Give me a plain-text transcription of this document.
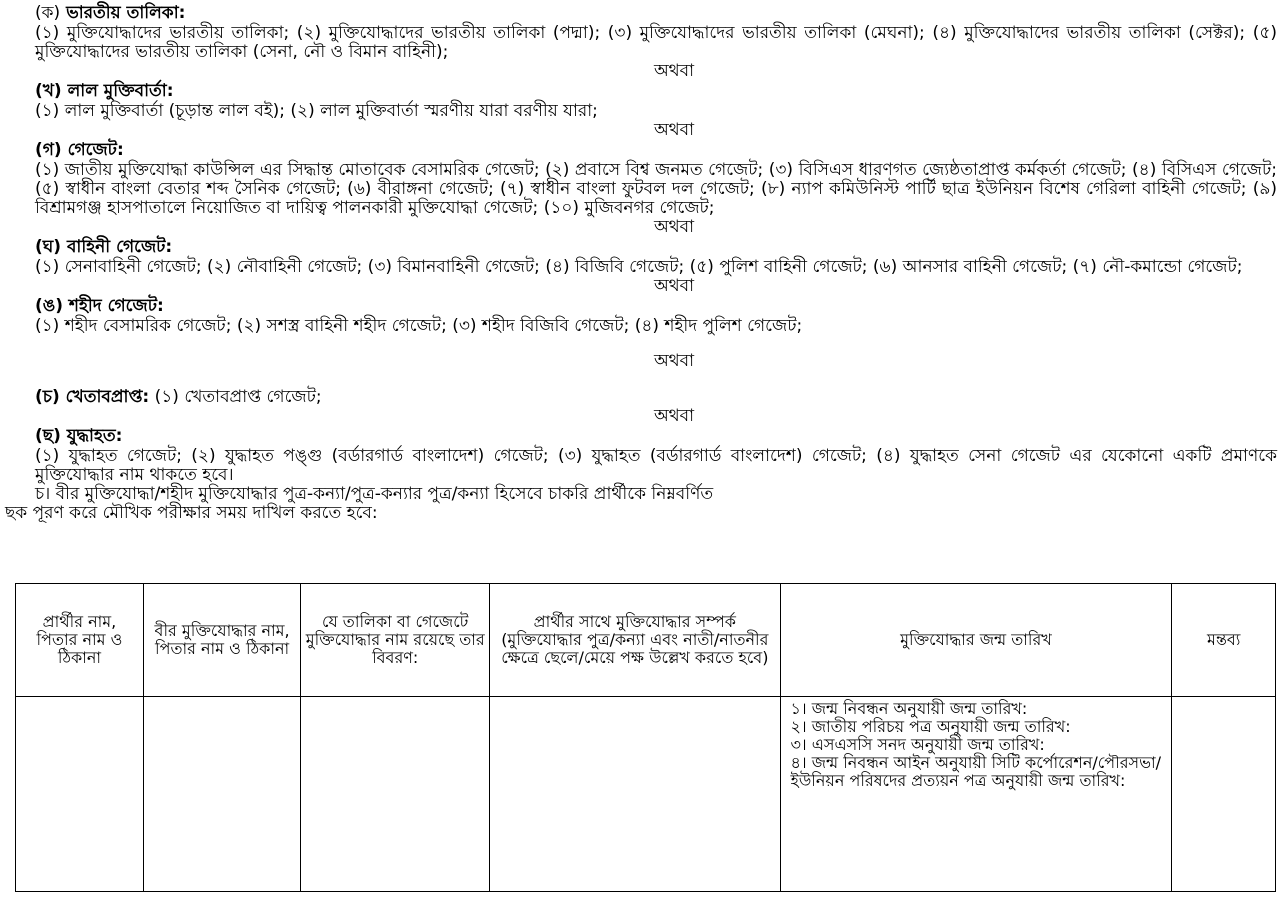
(ক) ভারতীয় তালিকা:

(১) মুক্তিযোদ্ধাদের ভারতীয় তালিকা; (২) মুক্তিযোদ্ধাদের ভারতীয় তালিকা (পদ্মা); (৩) মুক্তিযোদ্ধাদের ভারতীয় তালিকা (মেঘনা); (৪) মুক্তিযোদ্ধাদের ভারতীয় তালিকা (সেক্টর); (৫) মুক্তিযোদ্ধাদের ভারতীয় তালিকা (সেনা, নৌ ও বিমান বাহিনী);

অথবা

(খ) লাল মুক্তিবার্তা:

(১) লাল মুক্তিবার্তা (চূড়ান্ত লাল বই); (২) লাল মুক্তিবার্তা স্মরণীয় যারা বরণীয় যারা;

অথবা

(গ) গেজেট:

(১) জাতীয় মুক্তিযোদ্ধা কাউন্সিল এর সিদ্ধান্ত মোতাবেক বেসামরিক গেজেট; (২) প্রবাসে বিশ্ব জনমত গেজেট; (৩) বিসিএস ধারণগত জ্যেষ্ঠতাপ্রাপ্ত কর্মকর্তা গেজেট; (৪) বিসিএস গেজেট; (৫) স্বাধীন বাংলা বেতার শব্দ সৈনিক গেজেট; (৬) বীরাঙ্গনা গেজেট; (৭) স্বাধীন বাংলা ফুটবল দল গেজেট; (৮) ন্যাপ কমিউনিস্ট পার্টি ছাত্র ইউনিয়ন বিশেষ গেরিলা বাহিনী গেজেট; (৯) বিশ্রামগঞ্জ হাসপাতালে নিয়োজিত বা দায়িত্ব পালনকারী মুক্তিযোদ্ধা গেজেট; (১০) মুজিবনগর গেজেট;

অথবা

(ঘ) বাহিনী গেজেট:

(১) সেনাবাহিনী গেজেট; (২) নৌবাহিনী গেজেট; (৩) বিমানবাহিনী গেজেট; (৪) বিজিবি গেজেট; (৫) পুলিশ বাহিনী গেজেট; (৬) আনসার বাহিনী গেজেট; (৭) নৌ-কমান্ডো গেজেট;

অথবা

(ঙ) শহীদ গেজেট:

(১) শহীদ বেসামরিক গেজেট; (২) সশস্ত্র বাহিনী শহীদ গেজেট; (৩) শহীদ বিজিবি গেজেট; (৪) শহীদ পুলিশ গেজেট;

অথবা

(চ) খেতাবপ্রাপ্ত: (১) খেতাবপ্রাপ্ত গেজেট;

অথবা

(ছ) যুদ্ধাহত:

(১) যুদ্ধাহত গেজেট; (২) যুদ্ধাহত পঙ্গু (বর্ডারগার্ড বাংলাদেশ) গেজেট; (৩) যুদ্ধাহত (বর্ডারগার্ড বাংলাদেশ) গেজেট; (৪) যুদ্ধাহত সেনা গেজেট এর যেকোনো একটি প্রমাণকে মুক্তিযোদ্ধার নাম থাকতে হবে।

চ। বীর মুক্তিযোদ্ধা/শহীদ মুক্তিযোদ্ধার পুত্র-কন্যা/পুত্র-কন্যার পুত্র/কন্যা হিসেবে চাকরি প্রার্থীকে নিম্নবর্ণিত

ছক পূরণ করে মৌখিক পরীক্ষার সময় দাখিল করতে হবে:

প্রার্থীর নাম, পিতার নাম ও ঠিকানা	বীর মুক্তিযোদ্ধার নাম, পিতার নাম ও ঠিকানা	যে তালিকা বা গেজেটে মুক্তিযোদ্ধার নাম রয়েছে তার বিবরণ:	প্রার্থীর সাথে মুক্তিযোদ্ধার সম্পর্ক (মুক্তিযোদ্ধার পুত্র/কন্যা এবং নাতী/নাতনীর ক্ষেত্রে ছেলে/মেয়ে পক্ষ উল্লেখ করতে হবে)	মুক্তিযোদ্ধার জন্ম তারিখ	মন্তব্য

				১। জন্ম নিবন্ধন অনুযায়ী জন্ম তারিখ:

২। জাতীয় পরিচয় পত্র অনুযায়ী জন্ম তারিখ:

৩। এসএসসি সনদ অনুযায়ী জন্ম তারিখ:

৪। জন্ম নিবন্ধন আইন অনুযায়ী সিটি কর্পোরেশন/পৌরসভা/ইউনিয়ন পরিষদের প্রত্যয়ন পত্র অনুযায়ী জন্ম তারিখ:	
